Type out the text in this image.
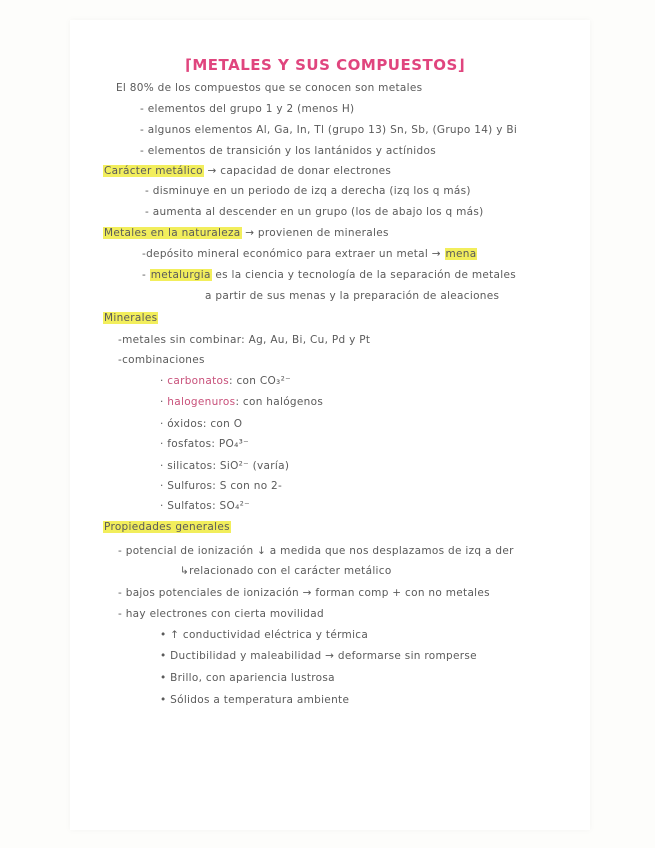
⌈METALES Y SUS COMPUESTOS⌋
El 80% de los compuestos que se conocen son metales
- elementos del grupo 1 y 2 (menos H)
- algunos elementos Al, Ga, In, Tl (grupo 13) Sn, Sb, (Grupo 14) y Bi
- elementos de transición y los lantánidos y actínidos
Carácter metálico → capacidad de donar electrones
- disminuye en un periodo de izq a derecha (izq los q más)
- aumenta al descender en un grupo (los de abajo los q más)
Metales en la naturaleza → provienen de minerales
-depósito mineral económico para extraer un metal → mena
- metalurgia es la ciencia y tecnología de la separación de metales
a partir de sus menas y la preparación de aleaciones
Minerales
-metales sin combinar: Ag, Au, Bi, Cu, Pd y Pt
-combinaciones
· carbonatos: con CO₃²⁻
· halogenuros: con halógenos
· óxidos: con O
· fosfatos: PO₄³⁻
· silicatos: SiO²⁻ (varía)
· Sulfuros: S con no 2-
· Sulfatos: SO₄²⁻
Propiedades generales
- potencial de ionización ↓ a medida que nos desplazamos de izq a der
↳relacionado con el carácter metálico
- bajos potenciales de ionización → forman comp + con no metales
- hay electrones con cierta movilidad
• ↑ conductividad eléctrica y térmica
• Ductibilidad y maleabilidad → deformarse sin romperse
• Brillo, con apariencia lustrosa
• Sólidos a temperatura ambiente
